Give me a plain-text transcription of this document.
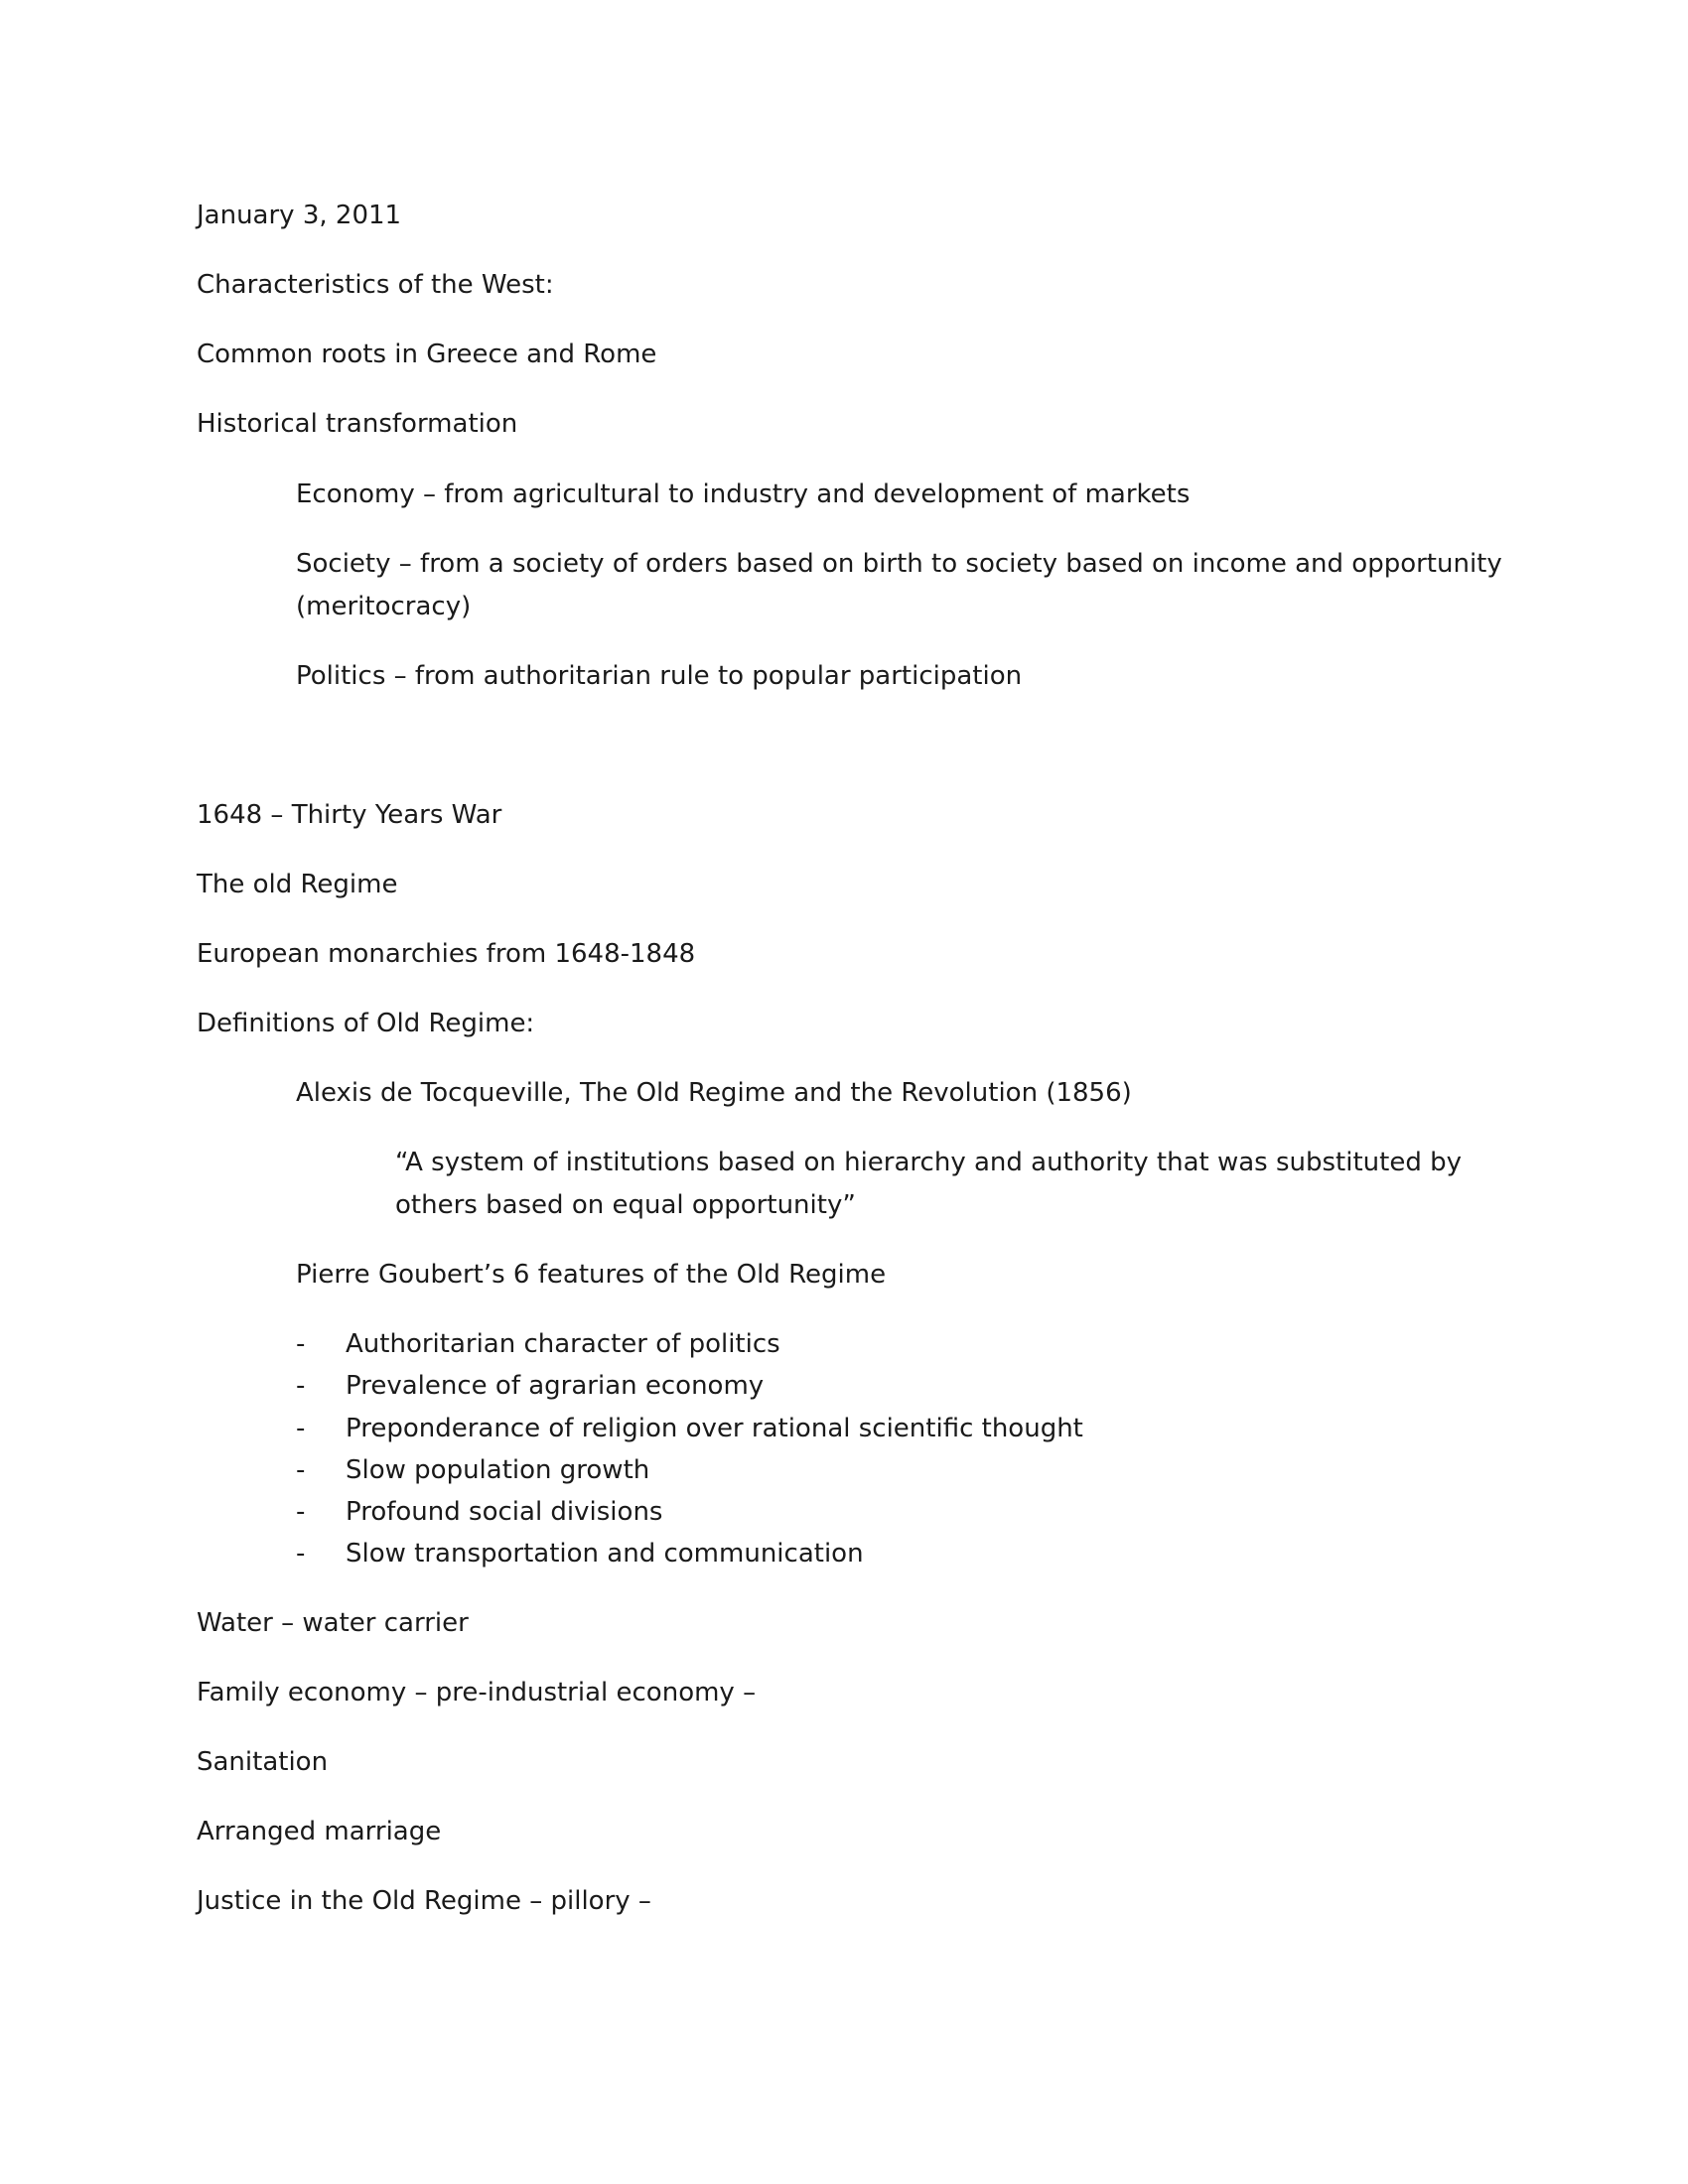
January 3, 2011
Characteristics of the West:
Common roots in Greece and Rome
Historical transformation
Economy – from agricultural to industry and development of markets
Society – from a society of orders based on birth to society based on income and opportunity
(meritocracy)
Politics – from authoritarian rule to popular participation
1648 – Thirty Years War
The old Regime
European monarchies from 1648-1848
Definitions of Old Regime:
Alexis de Tocqueville, The Old Regime and the Revolution (1856)
“A system of institutions based on hierarchy and authority that was substituted by
others based on equal opportunity”
Pierre Goubert’s 6 features of the Old Regime
- Authoritarian character of politics
- Prevalence of agrarian economy
- Preponderance of religion over rational scientific thought
- Slow population growth
- Profound social divisions
- Slow transportation and communication
Water – water carrier
Family economy – pre-industrial economy –
Sanitation
Arranged marriage
Justice in the Old Regime – pillory –
